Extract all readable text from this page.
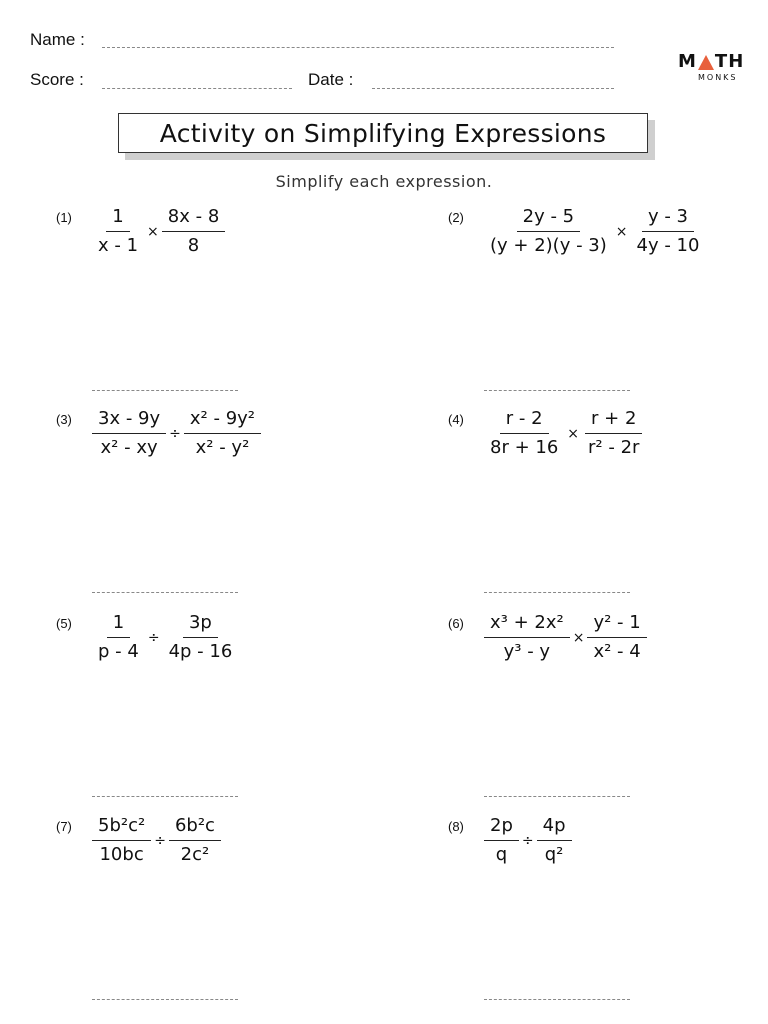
Name :
Score :	Date :
M TH
MONKS
Activity on Simplifying Expressions
Simplify each expression.
$(1) \frac{1}{x - 1} \times \frac{8x - 8}{8}$	$(2) \frac{2y - 5}{(y + 2)(y - 3)} \times \frac{y - 3}{4y - 10}$
$(3) \frac{3x - 9y}{\text{x² - xy}} \div \frac{\text{x² - 9y²}}{\text{x² - y²}}$	$(4) \frac{r - 2}{8r + 16} \times \frac{r + 2}{\text{r² - 2r}}$
$(5) \frac{1}{p - 4} \div \frac{3p}{4p - 16}$	$(6) \frac{\text{x³ + 2x²}}{\text{y³ - y}} \times \frac{\text{y² - 1}}{\text{x² - 4}}$
$(7) \frac{\text{5b²c²}}{10bc} \div \frac{\text{6b²c}}{\text{2c²}}$	$(8) \frac{2p}{q} \div \frac{4p}{\text{q²}}$
